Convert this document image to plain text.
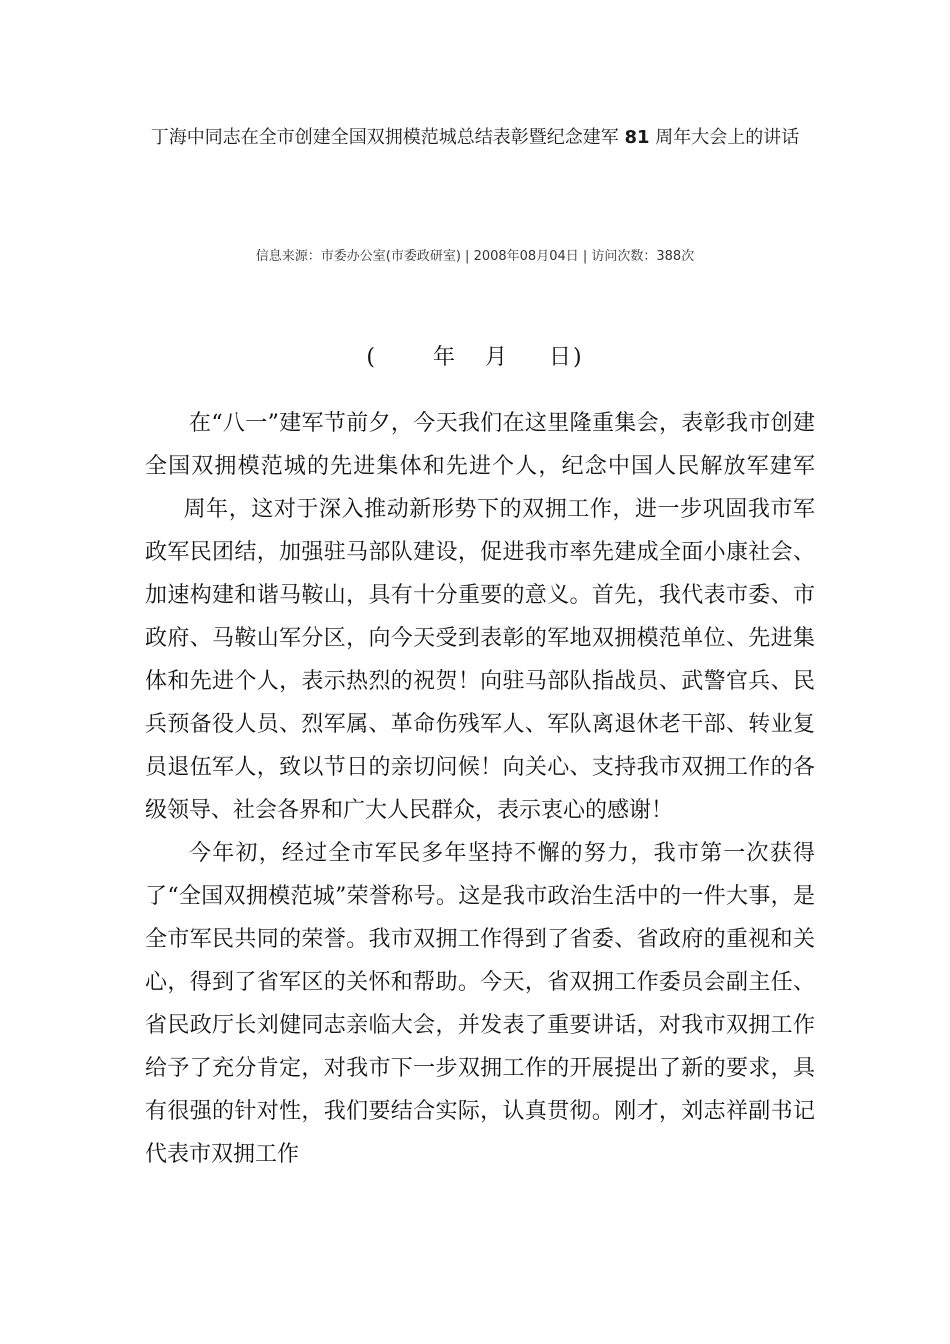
丁海中同志在全市创建全国双拥模范城总结表彰暨纪念建军 81 周年大会上的讲话
信息来源：市委办公室(市委政研室) | 2008年08月04日 | 访问次数：388次
(	年 月 日)

在“八一”建军节前夕，今天我们在这里隆重集会，表彰我市创建全国双拥模范城的先进集体和先进个人，纪念中国人民解放军建军周年，这对于深入推动新形势下的双拥工作，进一步巩固我市军政军民团结，加强驻马部队建设，促进我市率先建成全面小康社会、加速构建和谐马鞍山，具有十分重要的意义。首先，我代表市委、市政府、马鞍山军分区，向今天受到表彰的军地双拥模范单位、先进集体和先进个人，表示热烈的祝贺！向驻马部队指战员、武警官兵、民兵预备役人员、烈军属、革命伤残军人、军队离退休老干部、转业复员退伍军人，致以节日的亲切问候！向关心、支持我市双拥工作的各级领导、社会各界和广大人民群众，表示衷心的感谢！

今年初，经过全市军民多年坚持不懈的努力，我市第一次获得了“全国双拥模范城”荣誉称号。这是我市政治生活中的一件大事，是全市军民共同的荣誉。我市双拥工作得到了省委、省政府的重视和关心，得到了省军区的关怀和帮助。今天，省双拥工作委员会副主任、省民政厅长刘健同志亲临大会，并发表了重要讲话，对我市双拥工作给予了充分肯定，对我市下一步双拥工作的开展提出了新的要求，具有很强的针对性，我们要结合实际，认真贯彻。刚才，刘志祥副书记代表市双拥工作
